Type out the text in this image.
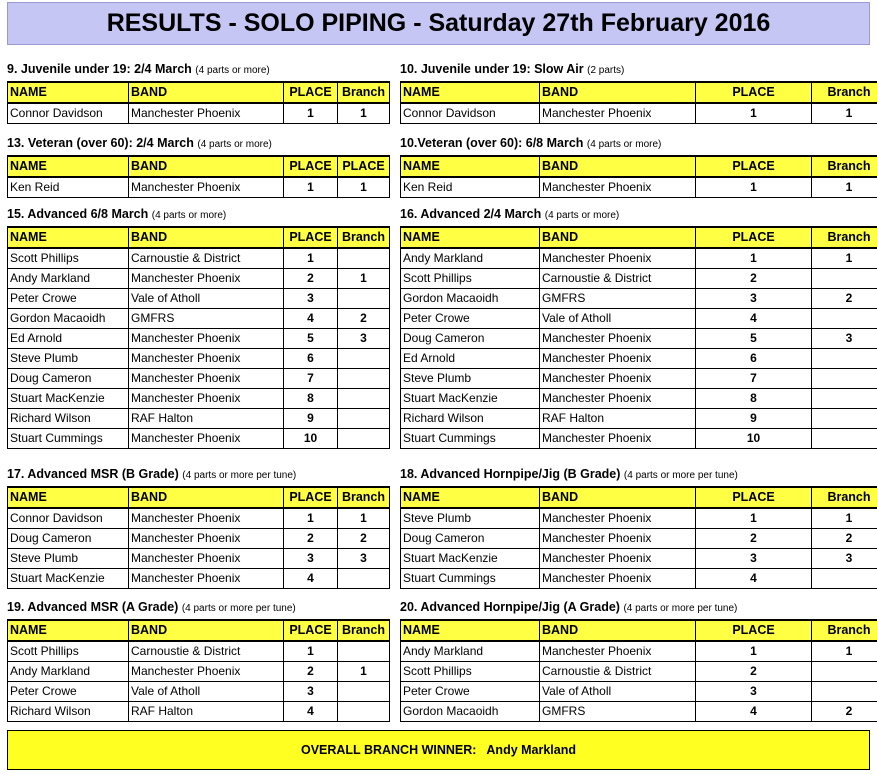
RESULTS - SOLO PIPING - Saturday 27th February 2016
9. Juvenile under 19: 2/4 March (4 parts or more)
NAME	BAND	PLACE	Branch
Connor Davidson	Manchester Phoenix	1	1
10. Juvenile under 19: Slow Air (2 parts)
NAME	BAND	PLACE	Branch
Connor Davidson	Manchester Phoenix	1	1
13. Veteran (over 60): 2/4 March (4 parts or more)
NAME	BAND	PLACE	PLACE
Ken Reid	Manchester Phoenix	1	1
10.Veteran (over 60): 6/8 March (4 parts or more)
NAME	BAND	PLACE	Branch
Ken Reid	Manchester Phoenix	1	1
15. Advanced 6/8 March (4 parts or more)
NAME	BAND	PLACE	Branch
Scott Phillips	Carnoustie & District	1	
Andy Markland	Manchester Phoenix	2	1
Peter Crowe	Vale of Atholl	3	
Gordon Macaoidh	GMFRS	4	2
Ed Arnold	Manchester Phoenix	5	3
Steve Plumb	Manchester Phoenix	6	
Doug Cameron	Manchester Phoenix	7	
Stuart MacKenzie	Manchester Phoenix	8	
Richard Wilson	RAF Halton	9	
Stuart Cummings	Manchester Phoenix	10	
16. Advanced 2/4 March (4 parts or more)
NAME	BAND	PLACE	Branch
Andy Markland	Manchester Phoenix	1	1
Scott Phillips	Carnoustie & District	2	
Gordon Macaoidh	GMFRS	3	2
Peter Crowe	Vale of Atholl	4	
Doug Cameron	Manchester Phoenix	5	3
Ed Arnold	Manchester Phoenix	6	
Steve Plumb	Manchester Phoenix	7	
Stuart MacKenzie	Manchester Phoenix	8	
Richard Wilson	RAF Halton	9	
Stuart Cummings	Manchester Phoenix	10	
17. Advanced MSR (B Grade) (4 parts or more per tune)
NAME	BAND	PLACE	Branch
Connor Davidson	Manchester Phoenix	1	1
Doug Cameron	Manchester Phoenix	2	2
Steve Plumb	Manchester Phoenix	3	3
Stuart MacKenzie	Manchester Phoenix	4	
18. Advanced Hornpipe/Jig (B Grade) (4 parts or more per tune)
NAME	BAND	PLACE	Branch
Steve Plumb	Manchester Phoenix	1	1
Doug Cameron	Manchester Phoenix	2	2
Stuart MacKenzie	Manchester Phoenix	3	3
Stuart Cummings	Manchester Phoenix	4	
19. Advanced MSR (A Grade) (4 parts or more per tune)
NAME	BAND	PLACE	Branch
Scott Phillips	Carnoustie & District	1	
Andy Markland	Manchester Phoenix	2	1
Peter Crowe	Vale of Atholl	3	
Richard Wilson	RAF Halton	4	
20. Advanced Hornpipe/Jig (A Grade) (4 parts or more per tune)
NAME	BAND	PLACE	Branch
Andy Markland	Manchester Phoenix	1	1
Scott Phillips	Carnoustie & District	2	
Peter Crowe	Vale of Atholl	3	
Gordon Macaoidh	GMFRS	4	2
OVERALL BRANCH WINNER: Andy Markland
